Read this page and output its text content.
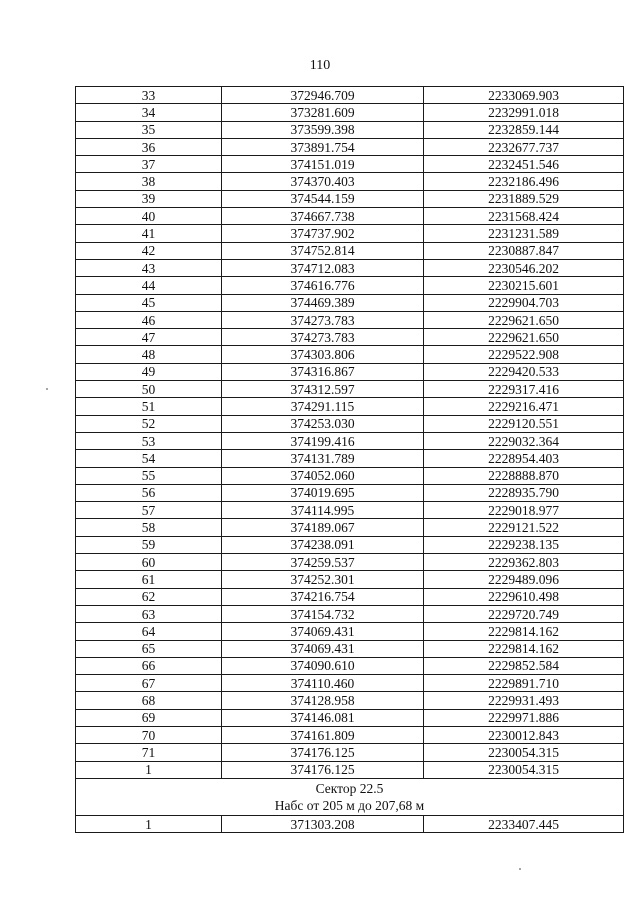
110
33	372946.709	2233069.903
34	373281.609	2232991.018
35	373599.398	2232859.144
36	373891.754	2232677.737
37	374151.019	2232451.546
38	374370.403	2232186.496
39	374544.159	2231889.529
40	374667.738	2231568.424
41	374737.902	2231231.589
42	374752.814	2230887.847
43	374712.083	2230546.202
44	374616.776	2230215.601
45	374469.389	2229904.703
46	374273.783	2229621.650
47	374273.783	2229621.650
48	374303.806	2229522.908
49	374316.867	2229420.533
50	374312.597	2229317.416
51	374291.115	2229216.471
52	374253.030	2229120.551
53	374199.416	2229032.364
54	374131.789	2228954.403
55	374052.060	2228888.870
56	374019.695	2228935.790
57	374114.995	2229018.977
58	374189.067	2229121.522
59	374238.091	2229238.135
60	374259.537	2229362.803
61	374252.301	2229489.096
62	374216.754	2229610.498
63	374154.732	2229720.749
64	374069.431	2229814.162
65	374069.431	2229814.162
66	374090.610	2229852.584
67	374110.460	2229891.710
68	374128.958	2229931.493
69	374146.081	2229971.886
70	374161.809	2230012.843
71	374176.125	2230054.315
1	374176.125	2230054.315

Сектор 22.5
Набс от 205 м до 207,68 м		

1	371303.208	2233407.445
